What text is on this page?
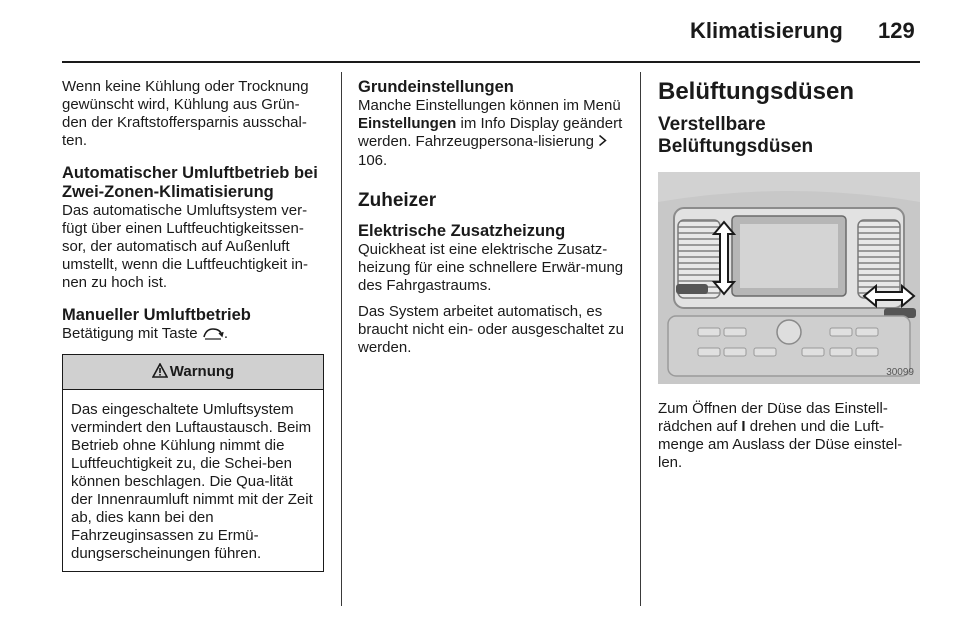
Klimatisierung 129

Wenn keine Kühlung oder Trocknung gewünscht wird, Kühlung aus Grün-den der Kraftstoffersparnis ausschal-ten.

Automatischer Umluftbetrieb bei Zwei-Zonen-Klimatisierung

Das automatische Umluftsystem ver-fügt über einen Luftfeuchtigkeitssen-sor, der automatisch auf Außenluft umstellt, wenn die Luftfeuchtigkeit in-nen zu hoch ist.

Manueller Umluftbetrieb

Betätigung mit Taste .

Warnung
Das eingeschaltete Umluftsystem vermindert den Luftaustausch. Beim Betrieb ohne Kühlung nimmt die Luftfeuchtigkeit zu, die Schei-ben können beschlagen. Die Qua-lität der Innenraumluft nimmt mit der Zeit ab, dies kann bei den Fahrzeuginsassen zu Ermü-dungserscheinungen führen.
Grundeinstellungen

Manche Einstellungen können im Menü Einstellungen im Info Display geändert werden. Fahrzeugpersona-lisierung  106.

Zuheizer
Elektrische Zusatzheizung

Quickheat ist eine elektrische Zusatz-heizung für eine schnellere Erwär-mung des Fahrgastraums.

Das System arbeitet automatisch, es braucht nicht ein- oder ausgeschaltet zu werden.

Belüftungsdüsen
Verstellbare Belüftungsdüsen
30099

Zum Öffnen der Düse das Einstell-rädchen auf I drehen und die Luft-menge am Auslass der Düse einstel-len.
